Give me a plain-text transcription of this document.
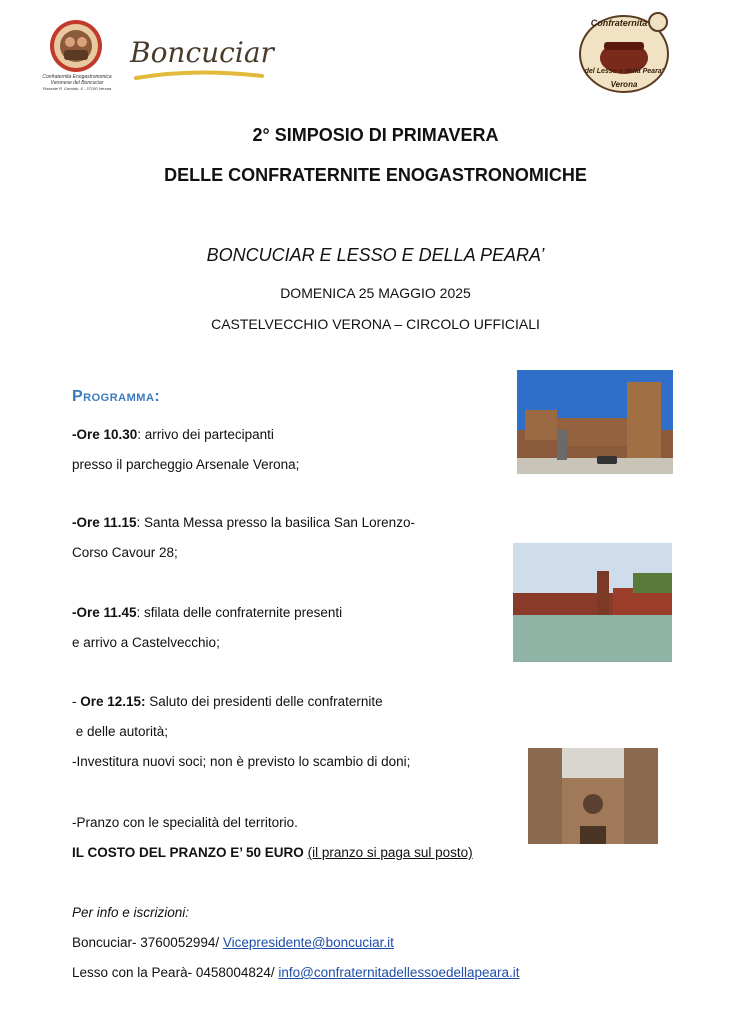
Confraternita Enogastronomica
Veronese del Boncuciar
Piazzale R. Garoldo, 5 - 37100 Verona
Boncuciar
Confraternita
del Lesso e della Peara'
Verona
2° SIMPOSIO DI PRIMAVERA
DELLE CONFRATERNITE ENOGASTRONOMICHE
BONCUCIAR E LESSO E DELLA PEARA’
DOMENICA 25 MAGGIO 2025
CASTELVECCHIO VERONA – CIRCOLO UFFICIALI
Programma:
-Ore 10.30: arrivo dei partecipanti
presso il parcheggio Arsenale Verona;
-Ore 11.15: Santa Messa presso la basilica San Lorenzo-
Corso Cavour 28;
-Ore 11.45: sfilata delle confraternite presenti
e arrivo a Castelvecchio;
- Ore 12.15: Saluto dei presidenti delle confraternite
e delle autorità;
-Investitura nuovi soci; non è previsto lo scambio di doni;
-Pranzo con le specialità del territorio.
IL COSTO DEL PRANZO E’ 50 EURO (il pranzo si paga sul posto)
Per info e iscrizioni:
Boncuciar- 3760052994/ Vicepresidente@boncuciar.it
Lesso con la Pearà- 0458004824/ info@confraternitadellessoedellapeara.it
